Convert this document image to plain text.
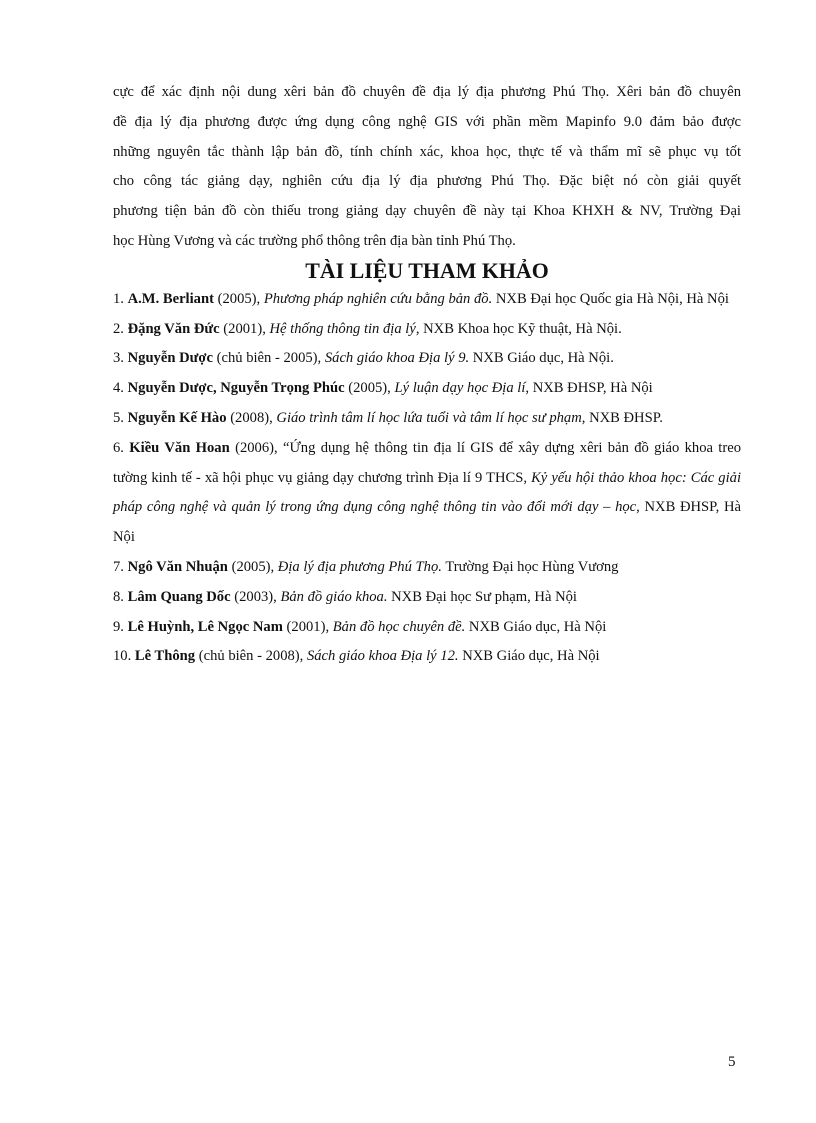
cực để xác định nội dung xêri bản đồ chuyên đề địa lý địa phương Phú Thọ. Xêri bản đồ chuyên
đề địa lý địa phương được ứng dụng công nghệ GIS với phần mềm Mapinfo 9.0 đảm bảo được
những nguyên tắc thành lập bản đồ, tính chính xác, khoa học, thực tế và thẩm mĩ sẽ phục vụ tốt
cho công tác giảng dạy, nghiên cứu địa lý địa phương Phú Thọ. Đặc biệt nó còn giải quyết
phương tiện bản đồ còn thiếu trong giảng dạy chuyên đề này tại Khoa KHXH & NV, Trường Đại
học Hùng Vương và các trường phổ thông trên địa bàn tỉnh Phú Thọ.
TÀI LIỆU THAM KHẢO
1. A.M. Berliant (2005), Phương pháp nghiên cứu bằng bản đồ. NXB Đại học Quốc gia Hà Nội, Hà Nội
2. Đặng Văn Đức (2001), Hệ thống thông tin địa lý, NXB Khoa học Kỹ thuật, Hà Nội.
3. Nguyễn Dược (chủ biên - 2005), Sách giáo khoa Địa lý 9. NXB Giáo dục, Hà Nội.
4. Nguyễn Dược, Nguyễn Trọng Phúc (2005), Lý luận dạy học Địa lí, NXB ĐHSP, Hà Nội
5. Nguyễn Kế Hào (2008), Giáo trình tâm lí học lứa tuổi và tâm lí học sư phạm, NXB ĐHSP.
6. Kiều Văn Hoan (2006), “Ứng dụng hệ thông tin địa lí GIS để xây dựng xêri bản đồ giáo khoa treo tường kinh tế - xã hội phục vụ giảng dạy chương trình Địa lí 9 THCS, Kỷ yếu hội thảo khoa học: Các giải pháp công nghệ và quản lý trong ứng dụng công nghệ thông tin vào đổi mới dạy – học, NXB ĐHSP, Hà Nội
7. Ngô Văn Nhuận (2005), Địa lý địa phương Phú Thọ. Trường Đại học Hùng Vương
8. Lâm Quang Dốc (2003), Bản đồ giáo khoa. NXB Đại học Sư phạm, Hà Nội
9. Lê Huỳnh, Lê Ngọc Nam (2001), Bản đồ học chuyên đề. NXB Giáo dục, Hà Nội
10. Lê Thông (chủ biên - 2008), Sách giáo khoa Địa lý 12. NXB Giáo dục, Hà Nội
5
